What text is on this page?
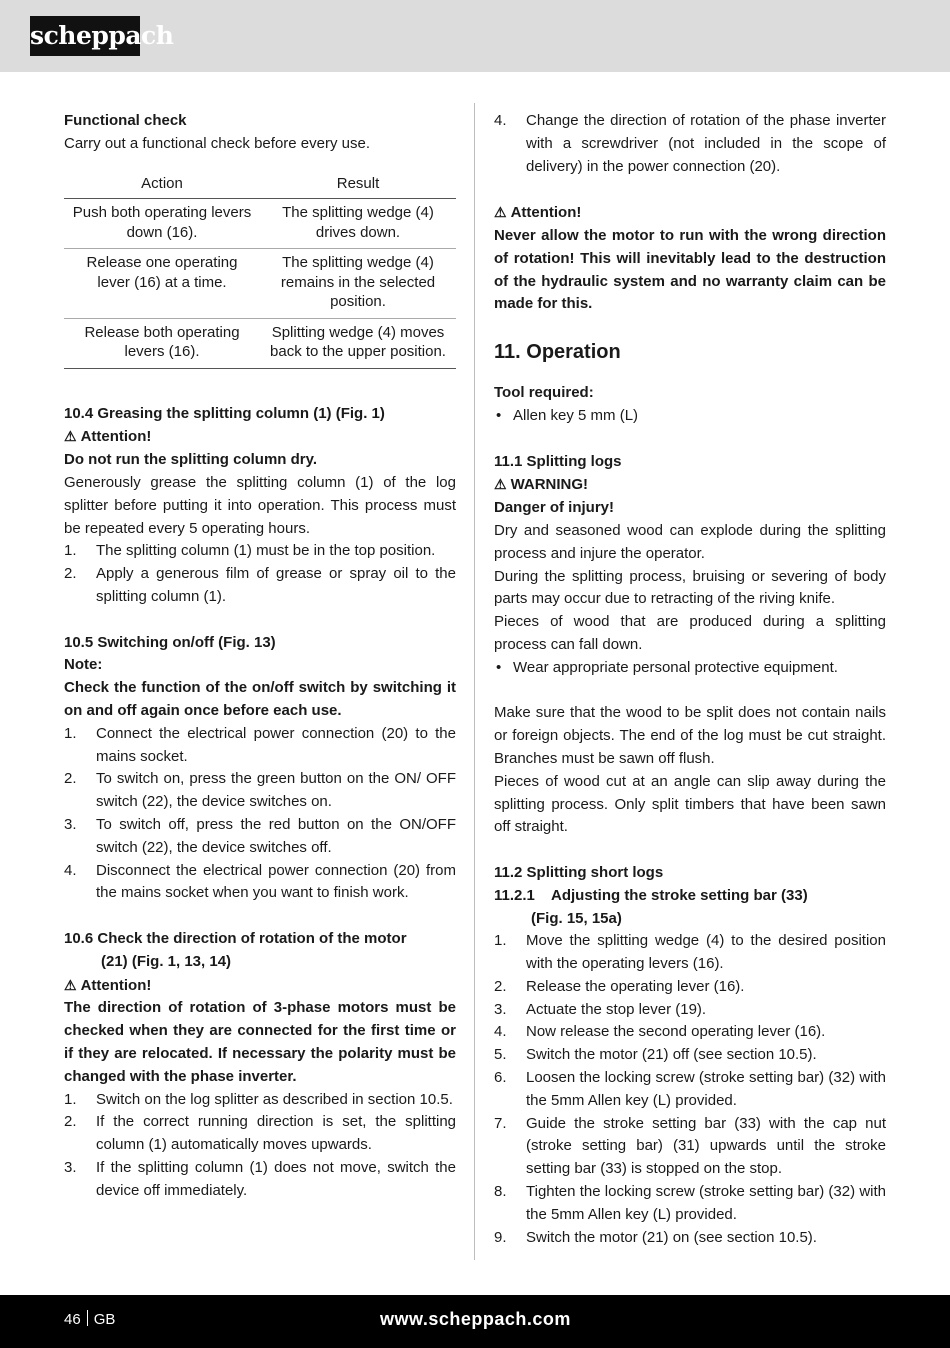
scheppach
Functional check
Carry out a functional check before every use.
Action	Result
Push both operating levers down (16).	The splitting wedge (4) drives down.
Release one operating lever (16) at a time.	The splitting wedge (4) remains in the selected position.
Release both operating levers (16).	Splitting wedge (4) moves back to the upper position.
10.4 Greasing the splitting column (1) (Fig. 1)
⚠ Attention!
Do not run the splitting column dry.
Generously grease the splitting column (1) of the log splitter before putting it into operation. This process must be repeated every 5 operating hours.
1. The splitting column (1) must be in the top position.
2. Apply a generous film of grease or spray oil to the splitting column (1).
10.5 Switching on/off (Fig. 13)
Note:
Check the function of the on/off switch by switching it on and off again once before each use.
1. Connect the electrical power connection (20) to the mains socket.
2. To switch on, press the green button on the ON/ OFF switch (22), the device switches on.
3. To switch off, press the red button on the ON/OFF switch (22), the device switches off.
4. Disconnect the electrical power connection (20) from the mains socket when you want to finish work.
10.6 Check the direction of rotation of the motor
(21) (Fig. 1, 13, 14)
⚠ Attention!
The direction of rotation of 3-phase motors must be checked when they are connected for the first time or if they are relocated. If necessary the polarity must be changed with the phase inverter.
1. Switch on the log splitter as described in section 10.5.
2. If the correct running direction is set, the splitting column (1) automatically moves upwards.
3. If the splitting column (1) does not move, switch the device off immediately.
4. Change the direction of rotation of the phase inverter with a screwdriver (not included in the scope of delivery) in the power connection (20).
⚠ Attention!
Never allow the motor to run with the wrong direction of rotation! This will inevitably lead to the destruction of the hydraulic system and no warranty claim can be made for this.
11. Operation
Tool required:
• Allen key 5 mm (L)
11.1 Splitting logs
⚠ WARNING!
Danger of injury!
Dry and seasoned wood can explode during the splitting process and injure the operator.
During the splitting process, bruising or severing of body parts may occur due to retracting of the riving knife.
Pieces of wood that are produced during a splitting process can fall down.
• Wear appropriate personal protective equipment.
Make sure that the wood to be split does not contain nails or foreign objects. The end of the log must be cut straight. Branches must be sawn off flush.
Pieces of wood cut at an angle can slip away during the splitting process. Only split timbers that have been sawn off straight.
11.2 Splitting short logs
11.2.1    Adjusting the stroke setting bar (33)
(Fig. 15, 15a)
1. Move the splitting wedge (4) to the desired position with the operating levers (16).
2. Release the operating lever (16).
3. Actuate the stop lever (19).
4. Now release the second operating lever (16).
5. Switch the motor (21) off (see section 10.5).
6. Loosen the locking screw (stroke setting bar) (32) with the 5mm Allen key (L) provided.
7. Guide the stroke setting bar (33) with the cap nut (stroke setting bar) (31) upwards until the stroke setting bar (33) is stopped on the stop.
8. Tighten the locking screw (stroke setting bar) (32) with the 5mm Allen key (L) provided.
9. Switch the motor (21) on (see section 10.5).
46 GB	www.scheppach.com
